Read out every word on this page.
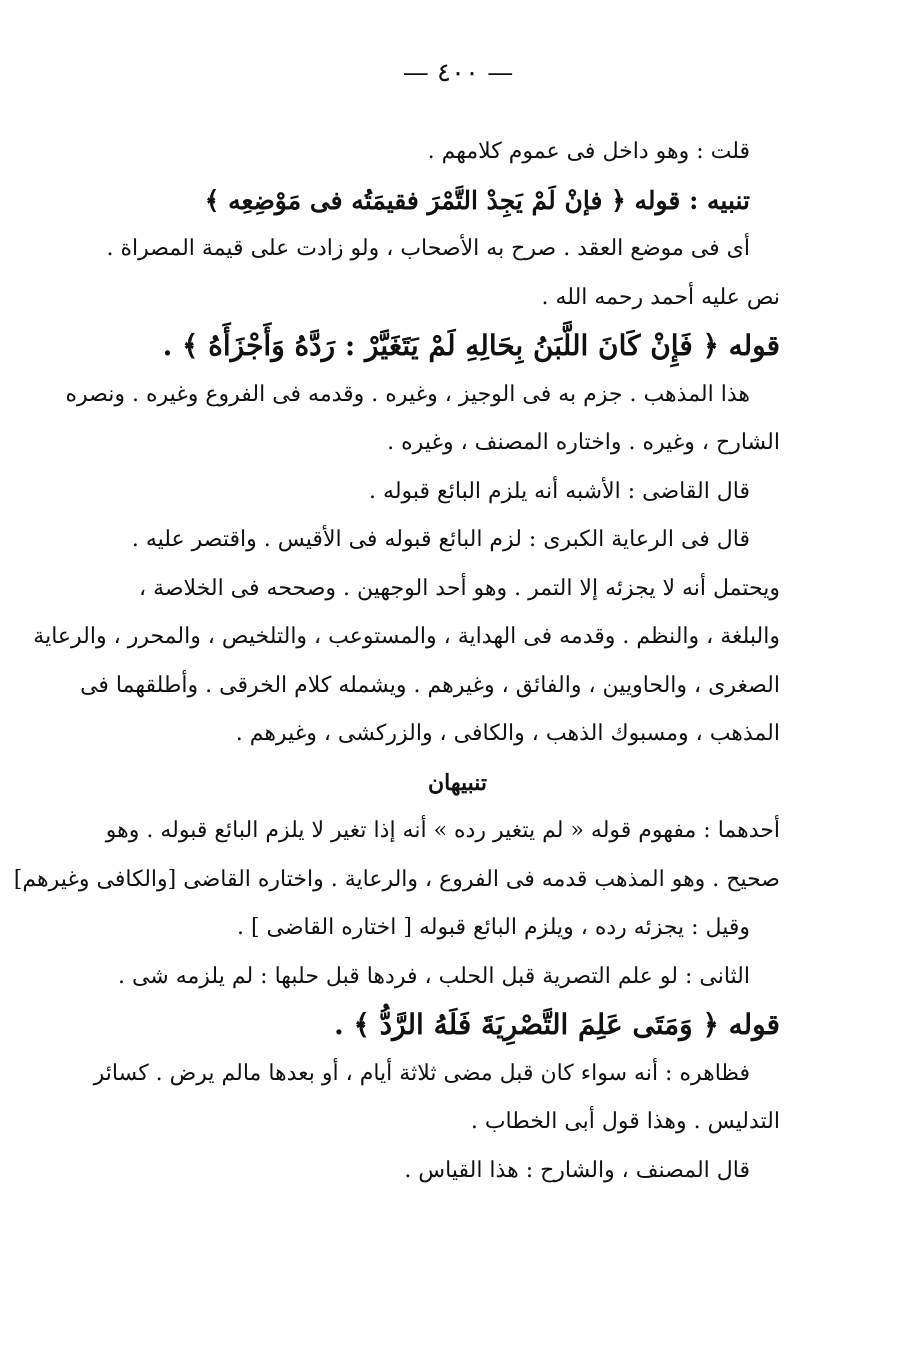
— ٤٠٠ —
قلت : وهو داخل فى عموم كلامهم .
تنبيه : قوله ﴿ فإنْ لَمْ يَجِدْ التَّمْرَ فقيمَتُه فى مَوْضِعِه ﴾
أى فى موضع العقد . صرح به الأصحاب ، ولو زادت على قيمة المصراة .
نص عليه أحمد رحمه الله .
قوله ﴿ فَإِنْ كَانَ اللَّبَنُ بِحَالِهِ لَمْ يَتَغَيَّرْ : رَدَّهُ وَأَجْزَأَهُ ﴾ .
هذا المذهب . جزم به فى الوجيز ، وغيره . وقدمه فى الفروع وغيره . ونصره
الشارح ، وغيره . واختاره المصنف ، وغيره .
قال القاضى : الأشبه أنه يلزم البائع قبوله .
قال فى الرعاية الكبرى : لزم البائع قبوله فى الأقيس . واقتصر عليه .
ويحتمل أنه لا يجزئه إلا التمر . وهو أحد الوجهين . وصححه فى الخلاصة ،
والبلغة ، والنظم . وقدمه فى الهداية ، والمستوعب ، والتلخيص ، والمحرر ، والرعاية
الصغرى ، والحاويين ، والفائق ، وغيرهم . ويشمله كلام الخرقى . وأطلقهما فى
المذهب ، ومسبوك الذهب ، والكافى ، والزركشى ، وغيرهم .
تنبيهان
أحدهما : مفهوم قوله « لم يتغير رده » أنه إذا تغير لا يلزم البائع قبوله . وهو
صحيح . وهو المذهب قدمه فى الفروع ، والرعاية . واختاره القاضى [والكافى وغيرهم]
وقيل : يجزئه رده ، ويلزم البائع قبوله [ اختاره القاضى ] .
الثانى : لو علم التصرية قبل الحلب ، فردها قبل حلبها : لم يلزمه شى .
قوله ﴿ وَمَتَى عَلِمَ التَّصْرِيَةَ فَلَهُ الرَّدُّ ﴾ .
فظاهره : أنه سواء كان قبل مضى ثلاثة أيام ، أو بعدها مالم يرض . كسائر
التدليس . وهذا قول أبى الخطاب .
قال المصنف ، والشارح : هذا القياس .
